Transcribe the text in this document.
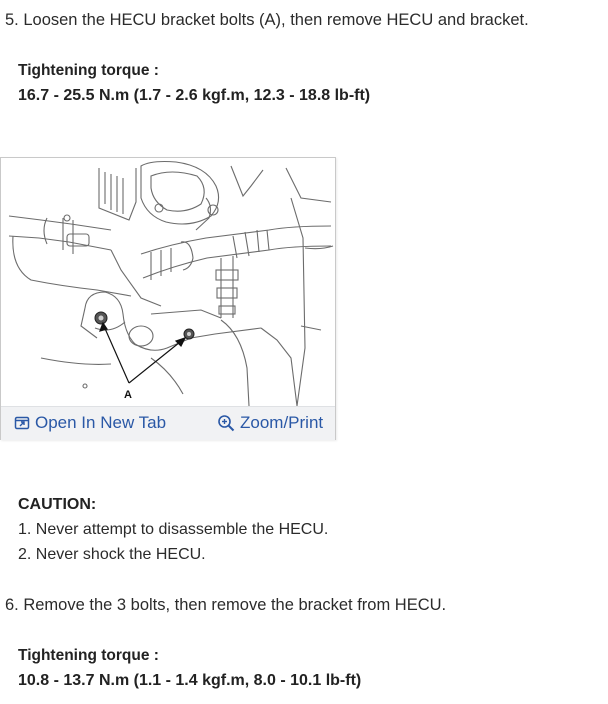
5. Loosen the HECU bracket bolts (A), then remove HECU and bracket.
Tightening torque :
16.7 - 25.5 N.m (1.7 - 2.6 kgf.m, 12.3 - 18.8 lb-ft)
A
Open In New Tab	Zoom/Print
CAUTION:
1. Never attempt to disassemble the HECU.
2. Never shock the HECU.
6. Remove the 3 bolts, then remove the bracket from HECU.
Tightening torque :
10.8 - 13.7 N.m (1.1 - 1.4 kgf.m, 8.0 - 10.1 lb-ft)
